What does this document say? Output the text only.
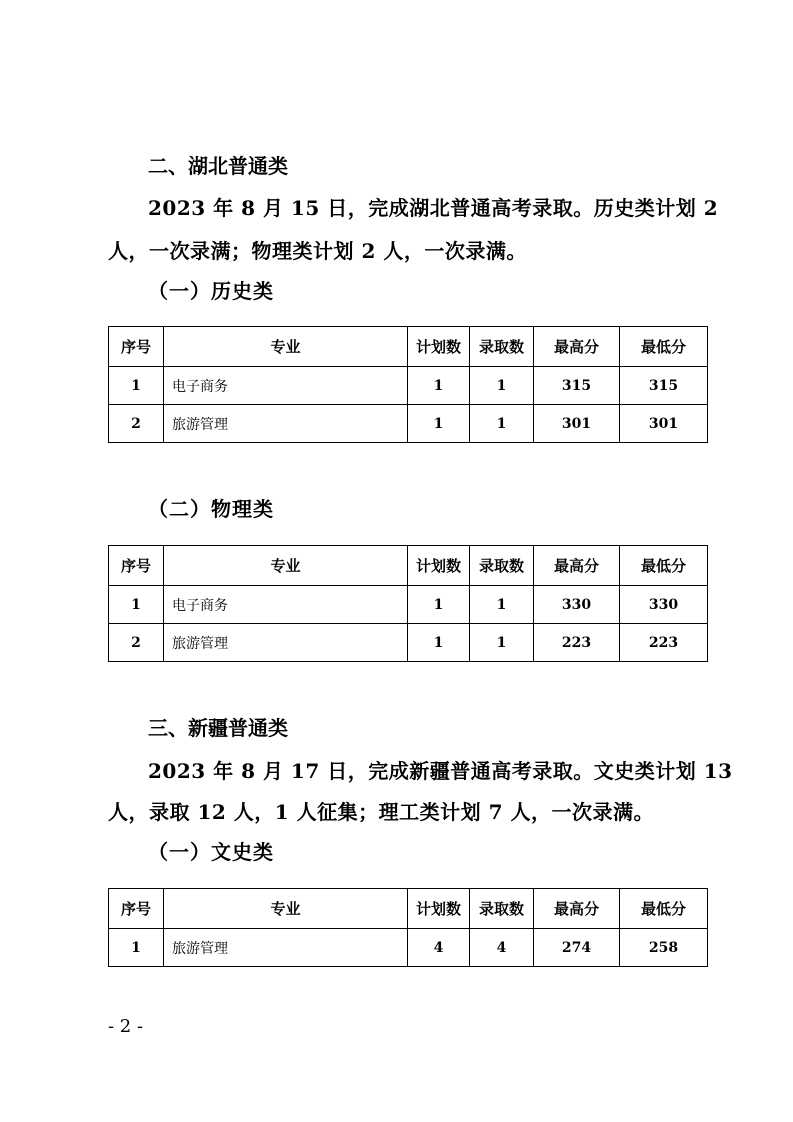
二、湖北普通类
2023 年 8 月 15 日，完成湖北普通高考录取。历史类计划 2
人，一次录满；物理类计划 2 人，一次录满。
（一）历史类
序号	专业	计划数	录取数	最高分	最低分
1	电子商务	1	1	315	315
2	旅游管理	1	1	301	301
（二）物理类
序号	专业	计划数	录取数	最高分	最低分
1	电子商务	1	1	330	330
2	旅游管理	1	1	223	223
三、新疆普通类
2023 年 8 月 17 日，完成新疆普通高考录取。文史类计划 13
人，录取 12 人，1 人征集；理工类计划 7 人，一次录满。
（一）文史类
序号	专业	计划数	录取数	最高分	最低分
1	旅游管理	4	4	274	258
- 2 -
